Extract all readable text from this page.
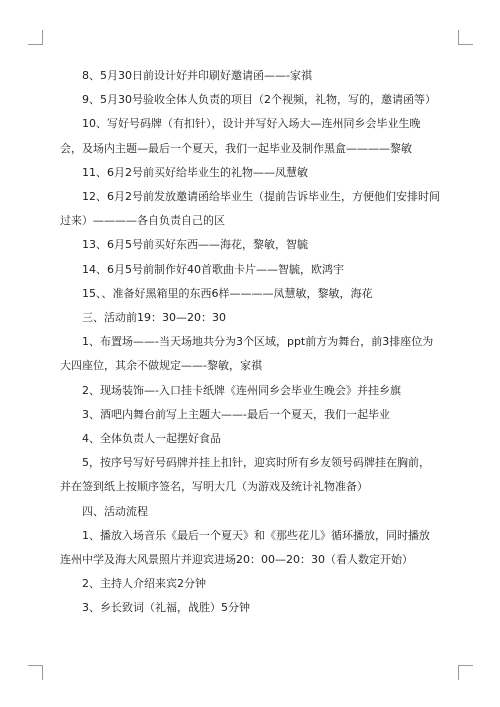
8、5月30日前设计好并印刷好邀请函——-家祺

9、5月30号验收全体人负责的项目（2个视频，礼物，写的，邀请函等）

10、写好号码牌（有扣针），设计并写好入场大—连州同乡会毕业生晚会，及场内主题—最后一个夏天，我们一起毕业及制作黑盒————黎敏

11、6月2号前买好给毕业生的礼物——凤慧敏

12、6月2号前发放邀请函给毕业生（提前告诉毕业生，方便他们安排时间过来）————各自负责自己的区

13、6月5号前买好东西——海花，黎敏，智毓

14、6月5号前制作好40首歌曲卡片——智毓，欧鸿宇

15、、准备好黑箱里的东西6样————凤慧敏，黎敏，海花

三、活动前19：30—20：30

1、布置场——-当天场地共分为3个区域，ppt前方为舞台，前3排座位为大四座位，其余不做规定——-黎敏，家祺

2、现场装饰—-入口挂卡纸牌《连州同乡会毕业生晚会》并挂乡旗

3、酒吧内舞台前写上主题大——-最后一个夏天，我们一起毕业

4、全体负责人一起摆好食品

5，按序号写好号码牌并挂上扣针，迎宾时所有乡友领号码牌挂在胸前，并在签到纸上按顺序签名，写明大几（为游戏及统计礼物准备）

四、活动流程

1、播放入场音乐《最后一个夏天》和《那些花儿》循环播放，同时播放连州中学及海大风景照片并迎宾进场20：00—20：30（看人数定开始）

2、主持人介绍来宾2分钟

3、乡长致词（礼福，战胜）5分钟
